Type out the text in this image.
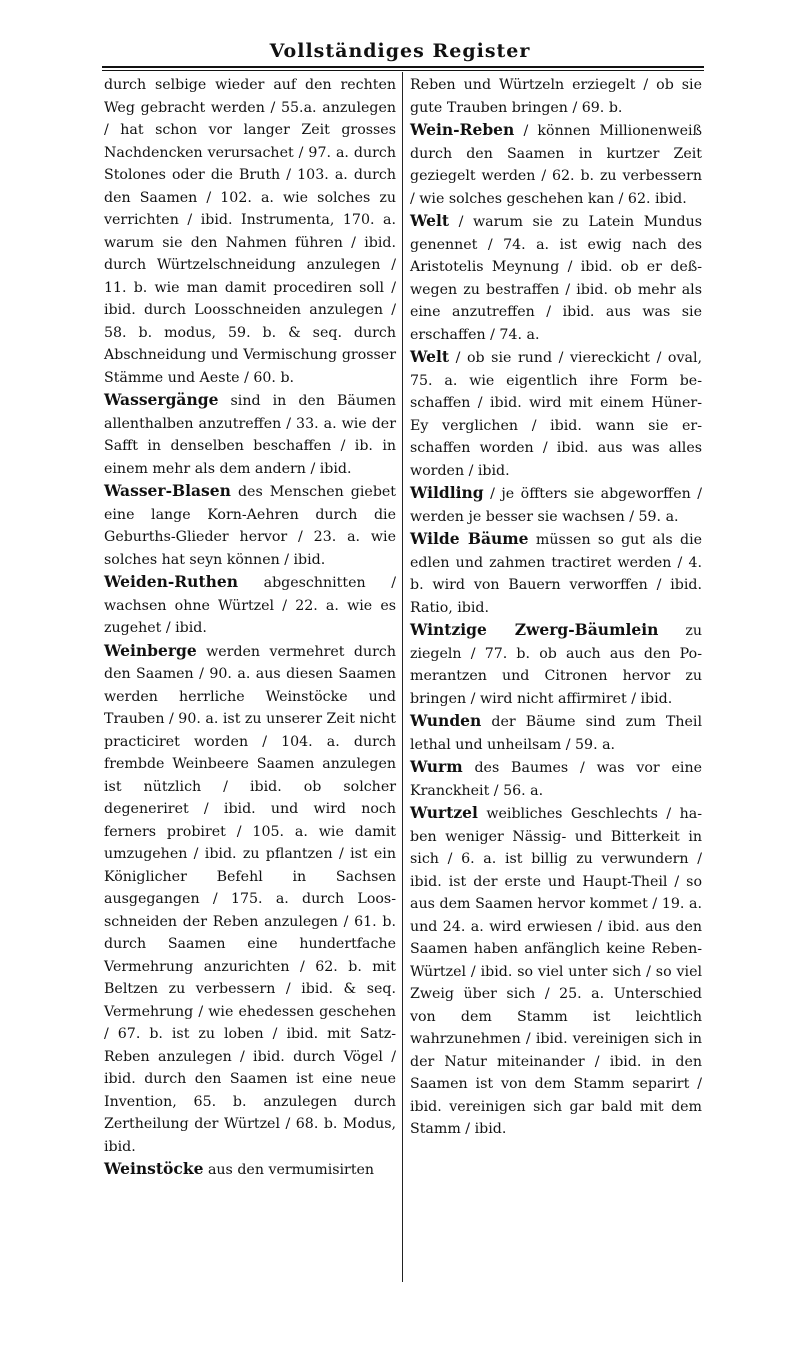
Vollständiges Register

durch selbige wieder auf den rechten Weg gebracht werden / 55.a. anzulegen / hat schon vor langer Zeit grosses Nachdencken verursachet / 97. a. durch Stolones oder die Bruth / 103. a. durch den Saamen / 102. a. wie solches zu verrichten / ibid. Instrumenta, 170. a. warum sie den Nahmen führen / ibid. durch Würtzelschneidung anzulegen / 11. b. wie man damit procediren soll / ibid. durch Loosschneiden anzulegen / 58. b. modus, 59. b. & seq. durch Abschneidung und Vermischung grosser Stämme und Aeste / 60. b.

Wassergänge sind in den Bäumen allenthalben anzutreffen / 33. a. wie der Safft in denselben beschaffen / ib. in einem mehr als dem andern / ibid.

Wasser-Blasen des Menschen giebet eine lange Korn-Aehren durch die Geburths-Glieder hervor / 23. a. wie solches hat seyn können / ibid.

Weiden-Ruthen abgeschnitten / wachsen ohne Würtzel / 22. a. wie es zugehet / ibid.

Weinberge werden vermehret durch den Saamen / 90. a. aus diesen Saamen werden herrliche Weinstöcke und Trauben / 90. a. ist zu unserer Zeit nicht practiciret worden / 104. a. durch frembde Weinbeere Saamen anzulegen ist nützlich / ibid. ob solcher degeneriret / ibid. und wird noch ferners probiret / 105. a. wie damit umzugehen / ibid. zu pflantzen / ist ein Königlicher Befehl in Sachsen ausgegangen / 175. a. durch Loosschneiden der Reben anzulegen / 61. b. durch Saamen eine hundertfache Vermehrung anzurichten / 62. b. mit Beltzen zu verbessern / ibid. & seq. Vermehrung / wie ehedessen geschehen / 67. b. ist zu loben / ibid. mit Satz-Reben anzulegen / ibid. durch Vögel / ibid. durch den Saamen ist eine neue Invention, 65. b. anzulegen durch Zertheilung der Würtzel / 68. b. Modus, ibid.

Weinstöcke aus den vermumisirten

Reben und Würtzeln erziegelt / ob sie gute Trauben bringen / 69. b.

Wein-Reben / können Millionenweiß durch den Saamen in kurtzer Zeit geziegelt werden / 62. b. zu verbessern / wie solches geschehen kan / 62. ibid.

Welt / warum sie zu Latein Mundus genennet / 74. a. ist ewig nach des Aristotelis Meynung / ibid. ob er deßwegen zu bestraffen / ibid. ob mehr als eine anzutreffen / ibid. aus was sie erschaffen / 74. a.

Welt / ob sie rund / viereckicht / oval, 75. a. wie eigentlich ihre Form beschaffen / ibid. wird mit einem Hüner-Ey verglichen / ibid. wann sie erschaffen worden / ibid. aus was alles worden / ibid.

Wildling / je öffters sie abgeworffen / werden je besser sie wachsen / 59. a.

Wilde Bäume müssen so gut als die edlen und zahmen tractiret werden / 4. b. wird von Bauern verworffen / ibid. Ratio, ibid.

Wintzige Zwerg-Bäumlein zu ziegeln / 77. b. ob auch aus den Pomerantzen und Citronen hervor zu bringen / wird nicht affirmiret / ibid.

Wunden der Bäume sind zum Theil lethal und unheilsam / 59. a.

Wurm des Baumes / was vor eine Kranckheit / 56. a.

Wurtzel weibliches Geschlechts / haben weniger Nässig- und Bitterkeit in sich / 6. a. ist billig zu verwundern / ibid. ist der erste und Haupt-Theil / so aus dem Saamen hervor kommet / 19. a. und 24. a. wird erwiesen / ibid. aus den Saamen haben anfänglich keine Reben-Würtzel / ibid. so viel unter sich / so viel Zweig über sich / 25. a. Unterschied von dem Stamm ist leichtlich wahrzunehmen / ibid. vereinigen sich in der Natur miteinander / ibid. in den Saamen ist von dem Stamm separirt / ibid. vereinigen sich gar bald mit dem Stamm / ibid.
